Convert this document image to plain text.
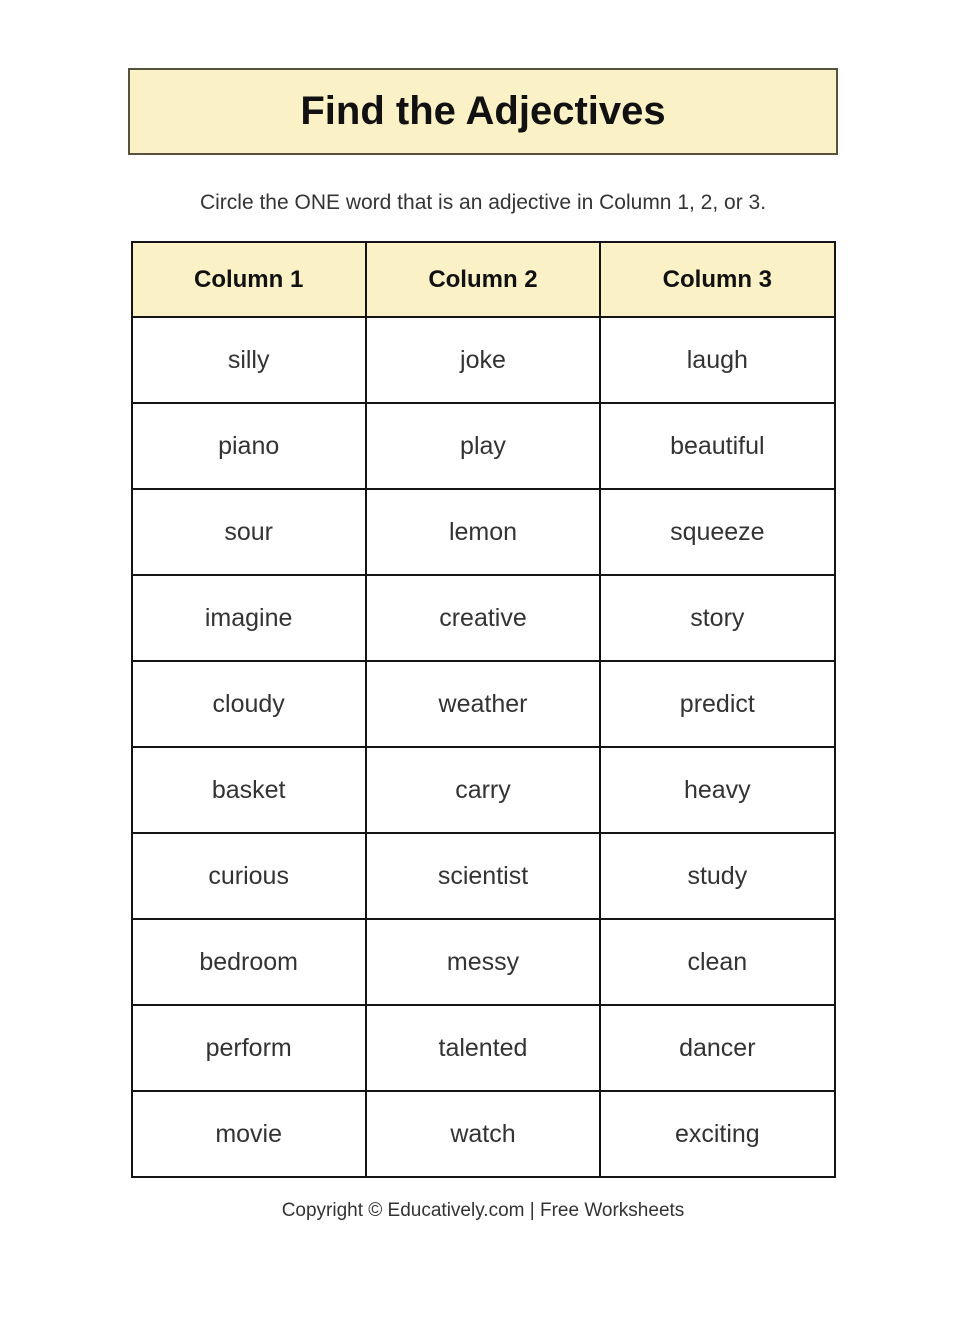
Find the Adjectives

Circle the ONE word that is an adjective in Column 1, 2, or 3.

Column 1	Column 2	Column 3
silly	joke	laugh
piano	play	beautiful
sour	lemon	squeeze
imagine	creative	story
cloudy	weather	predict
basket	carry	heavy
curious	scientist	study
bedroom	messy	clean
perform	talented	dancer
movie	watch	exciting

Copyright © Educatively.com | Free Worksheets
